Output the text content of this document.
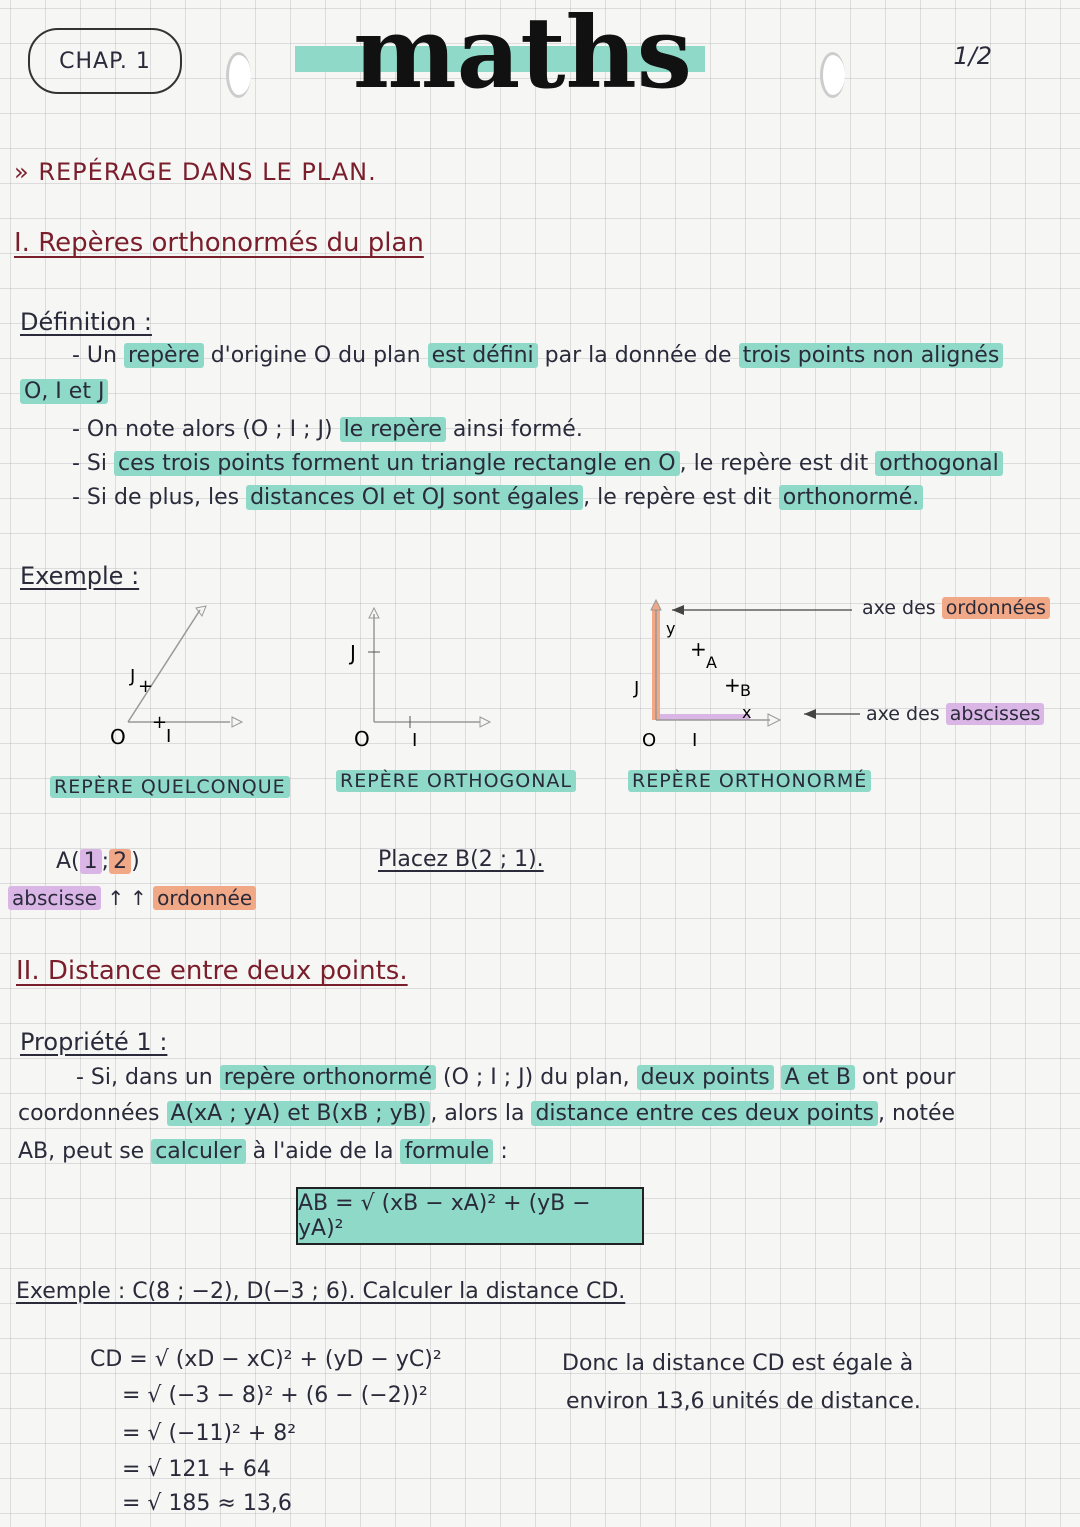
CHAP. 1 maths	1/2
» REPÉRAGE DANS LE PLAN.
I. Repères orthonormés du plan
Définition :
- Un repère d'origine O du plan est défini par la donnée de trois points non alignés
O, I et J
- On note alors (O ; I ; J) le repère ainsi formé.
- Si ces trois points forment un triangle rectangle en O , le repère est dit orthogonal
- Si de plus, les distances OI et OJ sont égales , le repère est dit orthonormé.
Exemple :
O I
J
+
+
REPÈRE QUELCONQUE
O I
J
REPÈRE ORTHOGONAL
O I
J
y
x
+
A
+ B
axe des ordonnées
axe des abscisses
REPÈRE ORTHONORMÉ
A( 1 ; 2 )
abscisse ↑ ↑ ordonnée
Placez B(2 ; 1).
II. Distance entre deux points.
Propriété 1 :
- Si, dans un repère orthonormé (O ; I ; J) du plan, deux points A et B ont pour
coordonnées A(xA ; yA) et B(xB ; yB) , alors la distance entre ces deux points , notée
AB, peut se calculer à l'aide de la formule :
AB = √ (xB − xA)² + (yB − yA)²
Exemple : C(8 ; −2), D(−3 ; 6). Calculer la distance CD.
CD = √ (xD − xC)² + (yD − yC)²
= √ (−3 − 8)² + (6 − (−2))²
= √ (−11)² + 8²
= √ 121 + 64
= √ 185 ≈ 13,6
Donc la distance CD est égale à
environ 13,6 unités de distance.
